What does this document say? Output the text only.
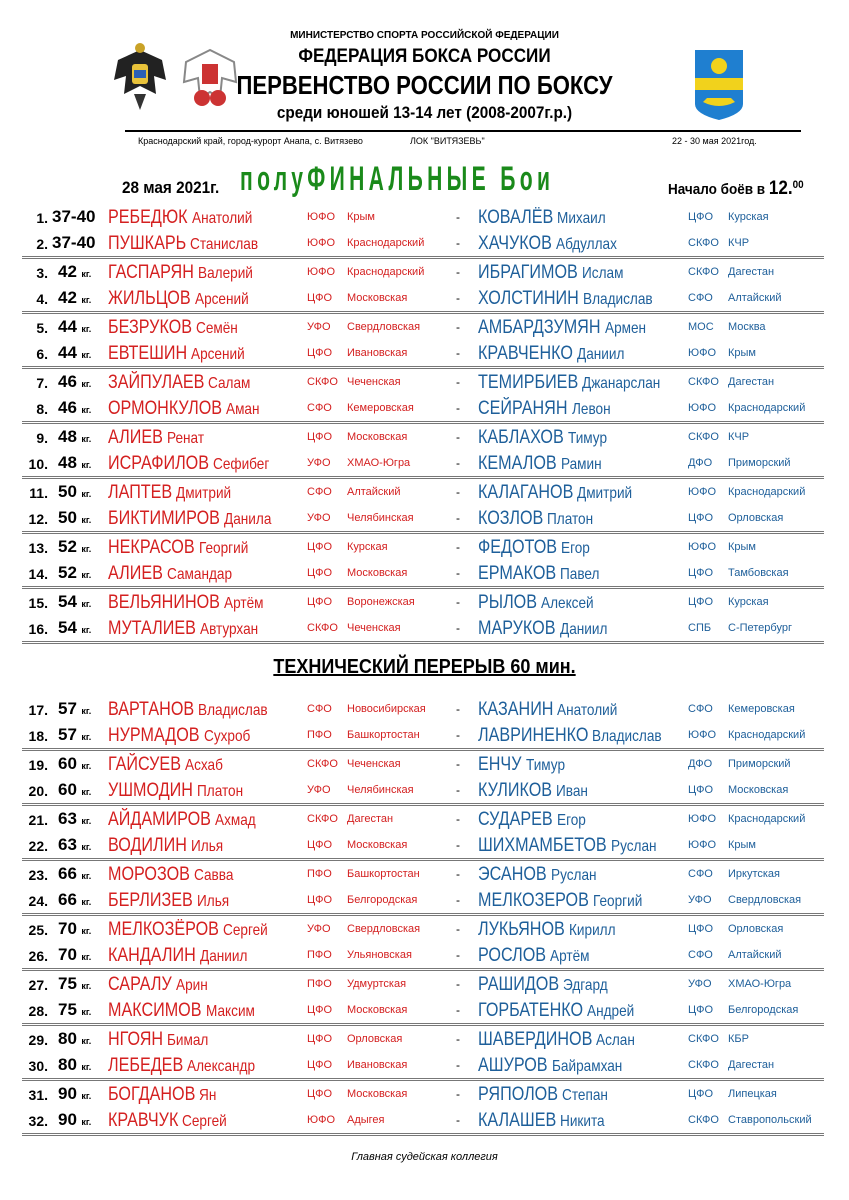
МИНИСТЕРСТВО СПОРТА РОССИЙСКОЙ ФЕДЕРАЦИИ
ФЕДЕРАЦИЯ БОКСА РОССИИ
ПЕРВЕНСТВО РОССИИ ПО БОКСУ
среди юношей 13-14 лет (2008-2007г.р.)
Краснодарский край, город-курорт Анапа, с. Витязево	ЛОК "ВИТЯЗЕВЬ"	22 - 30 мая 2021год.
28 мая 2021г. полуФИНАЛЬНЫЕ Бои	Начало боёв в 12.00
1. 37-40 РЕБЕДЮК Анатолий	ЮФО Крым	КОВАЛЁВ Михаил	ЦФО Курская
-
2. 37-40 ПУШКАРЬ Станислав	ЮФО Краснодарский	ХАЧУКОВ Абдуллах	СКФО КЧР
-
3. 42 кг. ГАСПАРЯН Валерий	ЮФО Краснодарский	ИБРАГИМОВ Ислам	СКФО Дагестан
-
4. 42 кг. ЖИЛЬЦОВ Арсений	ЦФО Московская	ХОЛСТИНИН Владислав	СФО Алтайский
-
5. 44 кг. БЕЗРУКОВ Семён	УФО Свердловская	АМБАРДЗУМЯН Армен	МОС Москва
-
6. 44 кг. ЕВТЕШИН Арсений	ЦФО Ивановская	КРАВЧЕНКО Даниил	ЮФО Крым
-
7. 46 кг. ЗАЙПУЛАЕВ Салам	СКФО Чеченская	ТЕМИРБИЕВ Джанарслан СКФО Дагестан
-
8. 46 кг. ОРМОНКУЛОВ Аман	СФО Кемеровская	СЕЙРАНЯН Левон	ЮФО Краснодарский
-
9. 48 кг. АЛИЕВ Ренат	ЦФО Московская	КАБЛАХОВ Тимур	СКФО КЧР
-
10. 48 кг. ИСРАФИЛОВ Сефибег	УФО ХМАО-Югра	КЕМАЛОВ Рамин	ДФО Приморский
-
11. 50 кг. ЛАПТЕВ Дмитрий	СФО Алтайский	КАЛАГАНОВ Дмитрий	ЮФО Краснодарский
-
12. 50 кг. БИКТИМИРОВ Данила	УФО Челябинская	КОЗЛОВ Платон	ЦФО Орловская
-
13. 52 кг. НЕКРАСОВ Георгий	ЦФО Курская	ФЕДОТОВ Егор	ЮФО Крым
-
14. 52 кг. АЛИЕВ Самандар	ЦФО Московская	ЕРМАКОВ Павел	ЦФО Тамбовская
-
15. 54 кг. ВЕЛЬЯНИНОВ Артём	ЦФО Воронежская	РЫЛОВ Алексей	ЦФО Курская
-
16. 54 кг. МУТАЛИЕВ Автурхан	СКФО Чеченская	МАРУКОВ Даниил	СПБ С-Петербург
-
ТЕХНИЧЕСКИЙ ПЕРЕРЫВ 60 мин.
17. 57 кг. ВАРТАНОВ Владислав	СФО Новосибирская	КАЗАНИН Анатолий	СФО Кемеровская
-
18. 57 кг. НУРМАДОВ Сухроб	ПФО Башкортостан	ЛАВРИНЕНКО Владислав ЮФО Краснодарский
-
19. 60 кг. ГАЙСУЕВ Асхаб	СКФО Чеченская	ЕНЧУ Тимур	ДФО Приморский
-
20. 60 кг. УШМОДИН Платон	УФО Челябинская	КУЛИКОВ Иван	ЦФО Московская
-
21. 63 кг. АЙДАМИРОВ Ахмад	СКФО Дагестан	СУДАРЕВ Егор	ЮФО Краснодарский
-
22. 63 кг. ВОДИЛИН Илья	ЦФО Московская	ШИХМАМБЕТОВ Руслан	ЮФО Крым
-
23. 66 кг. МОРОЗОВ Савва	ПФО Башкортостан	ЭСАНОВ Руслан	СФО Иркутская
-
24. 66 кг. БЕРЛИЗЕВ Илья	ЦФО Белгородская	МЕЛКОЗЕРОВ Георгий	УФО Свердловская
-
25. 70 кг. МЕЛКОЗЁРОВ Сергей	УФО Свердловская	ЛУКЬЯНОВ Кирилл	ЦФО Орловская
-
26. 70 кг. КАНДАЛИН Даниил	ПФО Ульяновская	РОСЛОВ Артём	СФО Алтайский
-
27. 75 кг. САРАЛУ Арин	ПФО Удмуртская	РАШИДОВ Эдгард	УФО ХМАО-Югра
-
28. 75 кг. МАКСИМОВ Максим	ЦФО Московская	ГОРБАТЕНКО Андрей	ЦФО Белгородская
-
29. 80 кг. НГОЯН Бимал	ЦФО Орловская	ШАВЕРДИНОВ Аслан	СКФО КБР
-
30. 80 кг. ЛЕБЕДЕВ Александр	ЦФО Ивановская	АШУРОВ Байрамхан	СКФО Дагестан
-
31. 90 кг. БОГДАНОВ Ян	ЦФО Московская	РЯПОЛОВ Степан	ЦФО Липецкая
-
32. 90 кг. КРАВЧУК Сергей	ЮФО Адыгея	КАЛАШЕВ Никита	СКФО Ставропольский
-
Главная судейская коллегия
